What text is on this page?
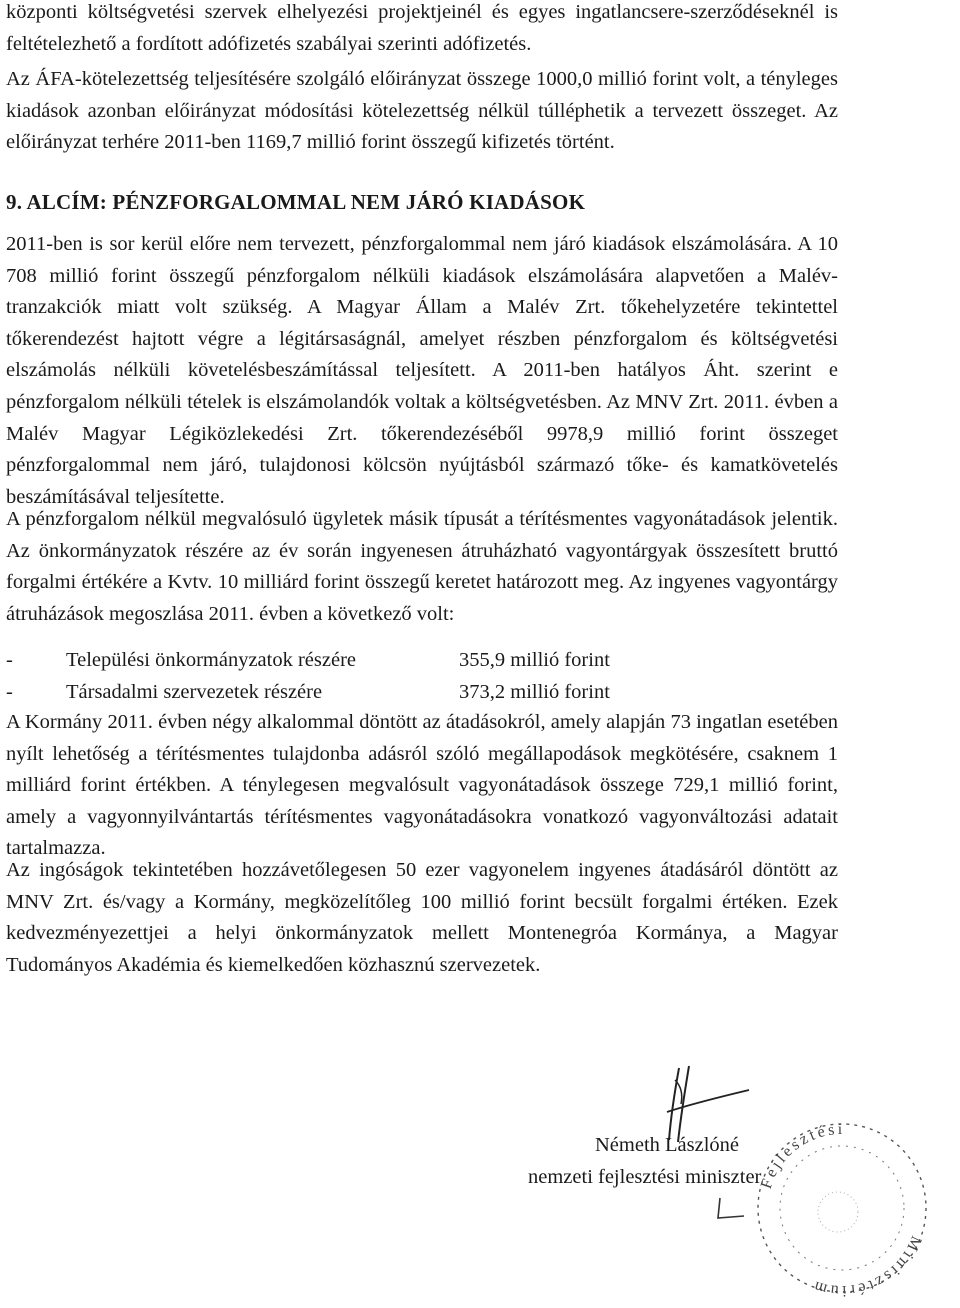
központi költségvetési szervek elhelyezési projektjeinél és egyes ingatlancsere-szerződéseknél is feltételezhető a fordított adófizetés szabályai szerinti adófizetés.

Az ÁFA-kötelezettség teljesítésére szolgáló előirányzat összege 1000,0 millió forint volt, a tényleges kiadások azonban előirányzat módosítási kötelezettség nélkül túlléphetik a tervezett összeget. Az előirányzat terhére 2011-ben 1169,7 millió forint összegű kifizetés történt.

9. ALCÍM: PÉNZFORGALOMMAL NEM JÁRÓ KIADÁSOK

2011-ben is sor kerül előre nem tervezett, pénzforgalommal nem járó kiadások elszámolására. A 10 708 millió forint összegű pénzforgalom nélküli kiadások elszámolására alapvetően a Malév-tranzakciók miatt volt szükség. A Magyar Állam a Malév Zrt. tőkehelyzetére tekintettel tőkerendezést hajtott végre a légitársaságnál, amelyet részben pénzforgalom és költségvetési elszámolás nélküli követelésbeszámítással teljesített. A 2011-ben hatályos Áht. szerint e pénzforgalom nélküli tételek is elszámolandók voltak a költségvetésben. Az MNV Zrt. 2011. évben a Malév Magyar Légiközlekedési Zrt. tőkerendezéséből 9978,9 millió forint összeget pénzforgalommal nem járó, tulajdonosi kölcsön nyújtásból származó tőke- és kamatkövetelés beszámításával teljesítette.

A pénzforgalom nélkül megvalósuló ügyletek másik típusát a térítésmentes vagyonátadások jelentik. Az önkormányzatok részére az év során ingyenesen átruházható vagyontárgyak összesített bruttó forgalmi értékére a Kvtv. 10 milliárd forint összegű keretet határozott meg. Az ingyenes vagyontárgy átruházások megoszlása 2011. évben a következő volt:

-	Települési önkormányzatok részére	355,9 millió forint
-	Társadalmi szervezetek részére	373,2 millió forint

A Kormány 2011. évben négy alkalommal döntött az átadásokról, amely alapján 73 ingatlan esetében nyílt lehetőség a térítésmentes tulajdonba adásról szóló megállapodások megkötésére, csaknem 1 milliárd forint értékben. A ténylegesen megvalósult vagyonátadások összege 729,1 millió forint, amely a vagyonnyilvántartás térítésmentes vagyonátadásokra vonatkozó vagyonváltozási adatait tartalmazza.

Az ingóságok tekintetében hozzávetőlegesen 50 ezer vagyonelem ingyenes átadásáról döntött az MNV Zrt. és/vagy a Kormány, megközelítőleg 100 millió forint becsült forgalmi értéken. Ezek kedvezményezettjei a helyi önkormányzatok mellett Montenegróa Kormánya, a Magyar Tudományos Akadémia és kiemelkedően közhasznú szervezetek.

Fejlesztési
Minisztérium
Németh Lászlóné
nemzeti fejlesztési miniszter
